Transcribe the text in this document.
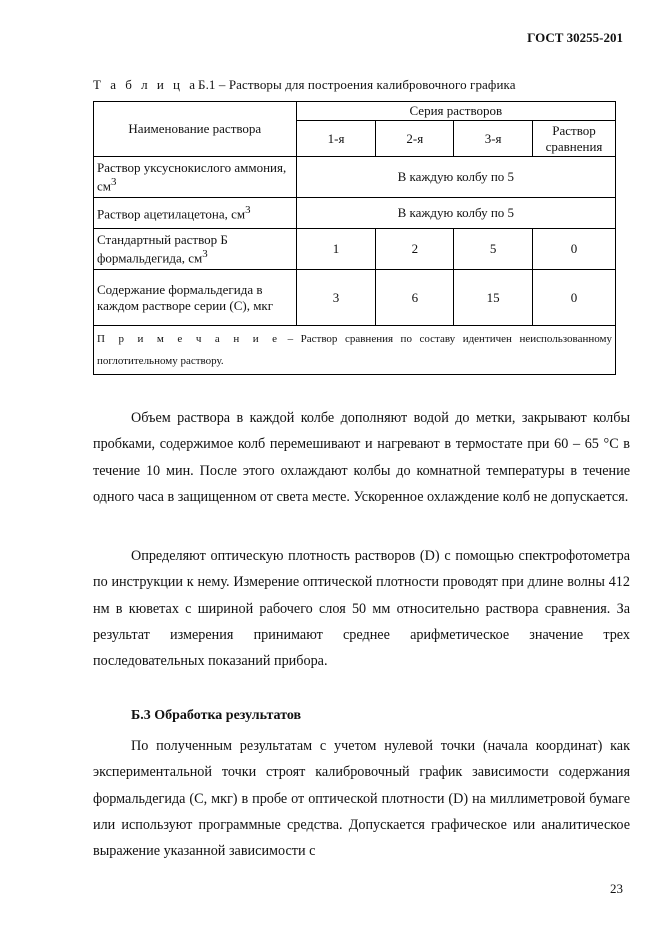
ГОСТ 30255-201
Т а б л и ц аБ.1 – Растворы для построения калибровочного графика
Наименование раствора	Серия растворов			
	1-я	2-я	3-я	Раствор сравнения
Раствор уксуснокислого аммония, $см^3$	В каждую колбу по 5			
Раствор ацетилацетона, $см^3$	В каждую колбу по 5			
Стандартный раствор Б формальдегида, $см^3$	1	2	5	0
Содержание формальдегида в каждом растворе серии (С), мкг	3	6	15	0
П р и м е ч а н и е – Раствор сравнения по составу идентичен неиспользованному поглотительному раствору.				

Объем раствора в каждой колбе дополняют водой до метки, закрывают колбы пробками, содержимое колб перемешивают и нагревают в термостате при 60 – 65 °С в течение 10 мин. После этого охлаждают колбы до комнатной температуры в течение одного часа в защищенном от света месте. Ускоренное охлаждение колб не допускается.

Определяют оптическую плотность растворов (D) с помощью спектрофотометра по инструкции к нему. Измерение оптической плотности проводят при длине волны 412 нм в кюветах с шириной рабочего слоя 50 мм относительно раствора сравнения. За результат измерения принимают среднее арифметическое значение трех последовательных показаний прибора.

Б.3 Обработка результатов

По полученным результатам с учетом нулевой точки (начала координат) как экспериментальной точки строят калибровочный график зависимости содержания формальдегида (С, мкг) в пробе от оптической плотности (D) на миллиметровой бумаге или используют программные средства. Допускается графическое или аналитическое выражение указанной зависимости с

23
